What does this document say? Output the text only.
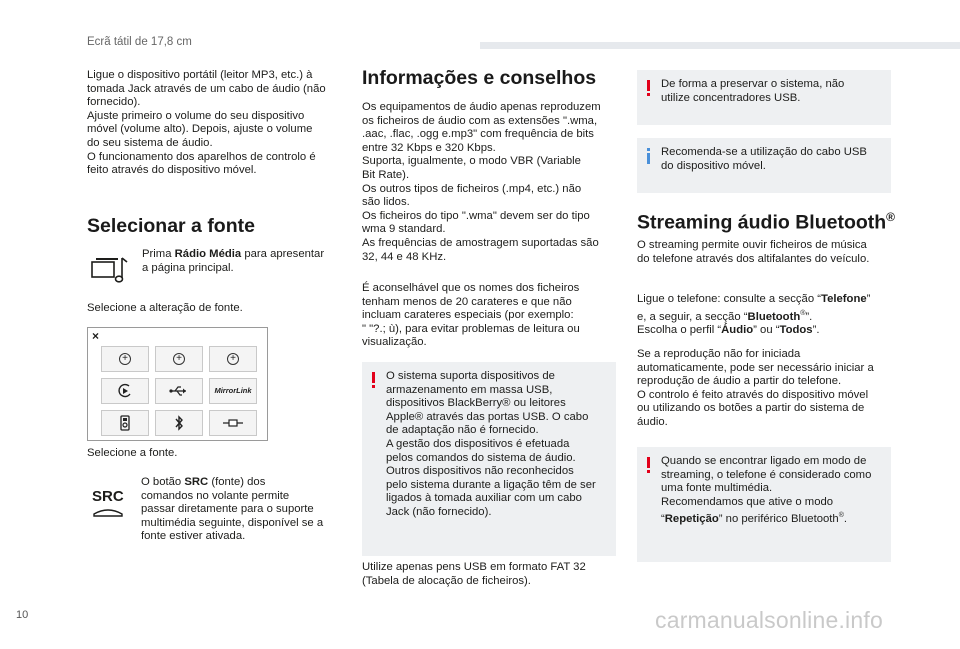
Ecrã tátil de 17,8 cm

Ligue o dispositivo portátil (leitor MP3, etc.) à

tomada Jack através de um cabo de áudio (não

fornecido).

Ajuste primeiro o volume do seu dispositivo

móvel (volume alto). Depois, ajuste o volume

do seu sistema de áudio.

O funcionamento dos aparelhos de controlo é

feito através do dispositivo móvel.

Selecionar a fonte

Prima Rádio Média para apresentar

a página principal.

Selecione a alteração de fonte.

×
+	+	+
MirrorLink

Selecione a fonte.

SRC

O botão SRC (fonte) dos

comandos no volante permite

passar diretamente para o suporte

multimédia seguinte, disponível se a

fonte estiver ativada.

Informações e conselhos

Os equipamentos de áudio apenas reproduzem

os ficheiros de áudio com as extensões ".wma,

.aac, .flac, .ogg e.mp3" com frequência de bits

entre 32 Kbps e 320 Kbps.

Suporta, igualmente, o modo VBR (Variable

Bit Rate).

Os outros tipos de ficheiros (.mp4, etc.) não

são lidos.

Os ficheiros do tipo ".wma" devem ser do tipo

wma 9 standard.

As frequências de amostragem suportadas são

32, 44 e 48 KHz.

É aconselhável que os nomes dos ficheiros

tenham menos de 20 carateres e que não

incluam carateres especiais (por exemplo:

" "?.; ù), para evitar problemas de leitura ou

visualização.

O sistema suporta dispositivos de

armazenamento em massa USB,

dispositivos BlackBerry® ou leitores

Apple® através das portas USB. O cabo

de adaptação não é fornecido.

A gestão dos dispositivos é efetuada

pelos comandos do sistema de áudio.

Outros dispositivos não reconhecidos

pelo sistema durante a ligação têm de ser

ligados à tomada auxiliar com um cabo

Jack (não fornecido).

Utilize apenas pens USB em formato FAT 32

(Tabela de alocação de ficheiros).

De forma a preservar o sistema, não

utilize concentradores USB.

Recomenda-se a utilização do cabo USB

do dispositivo móvel.

Streaming áudio Bluetooth®

O streaming permite ouvir ficheiros de música

do telefone através dos altifalantes do veículo.

Ligue o telefone: consulte a secção “Telefone”

e, a seguir, a secção “Bluetooth®”.

Escolha o perfil “Áudio” ou “Todos”.

Se a reprodução não for iniciada

automaticamente, pode ser necessário iniciar a

reprodução de áudio a partir do telefone.

O controlo é feito através do dispositivo móvel

ou utilizando os botões a partir do sistema de

áudio.

Quando se encontrar ligado em modo de

streaming, o telefone é considerado como

uma fonte multimédia.

Recomendamos que ative o modo

“Repetição” no periférico Bluetooth®.

10	carmanualsonline.info
